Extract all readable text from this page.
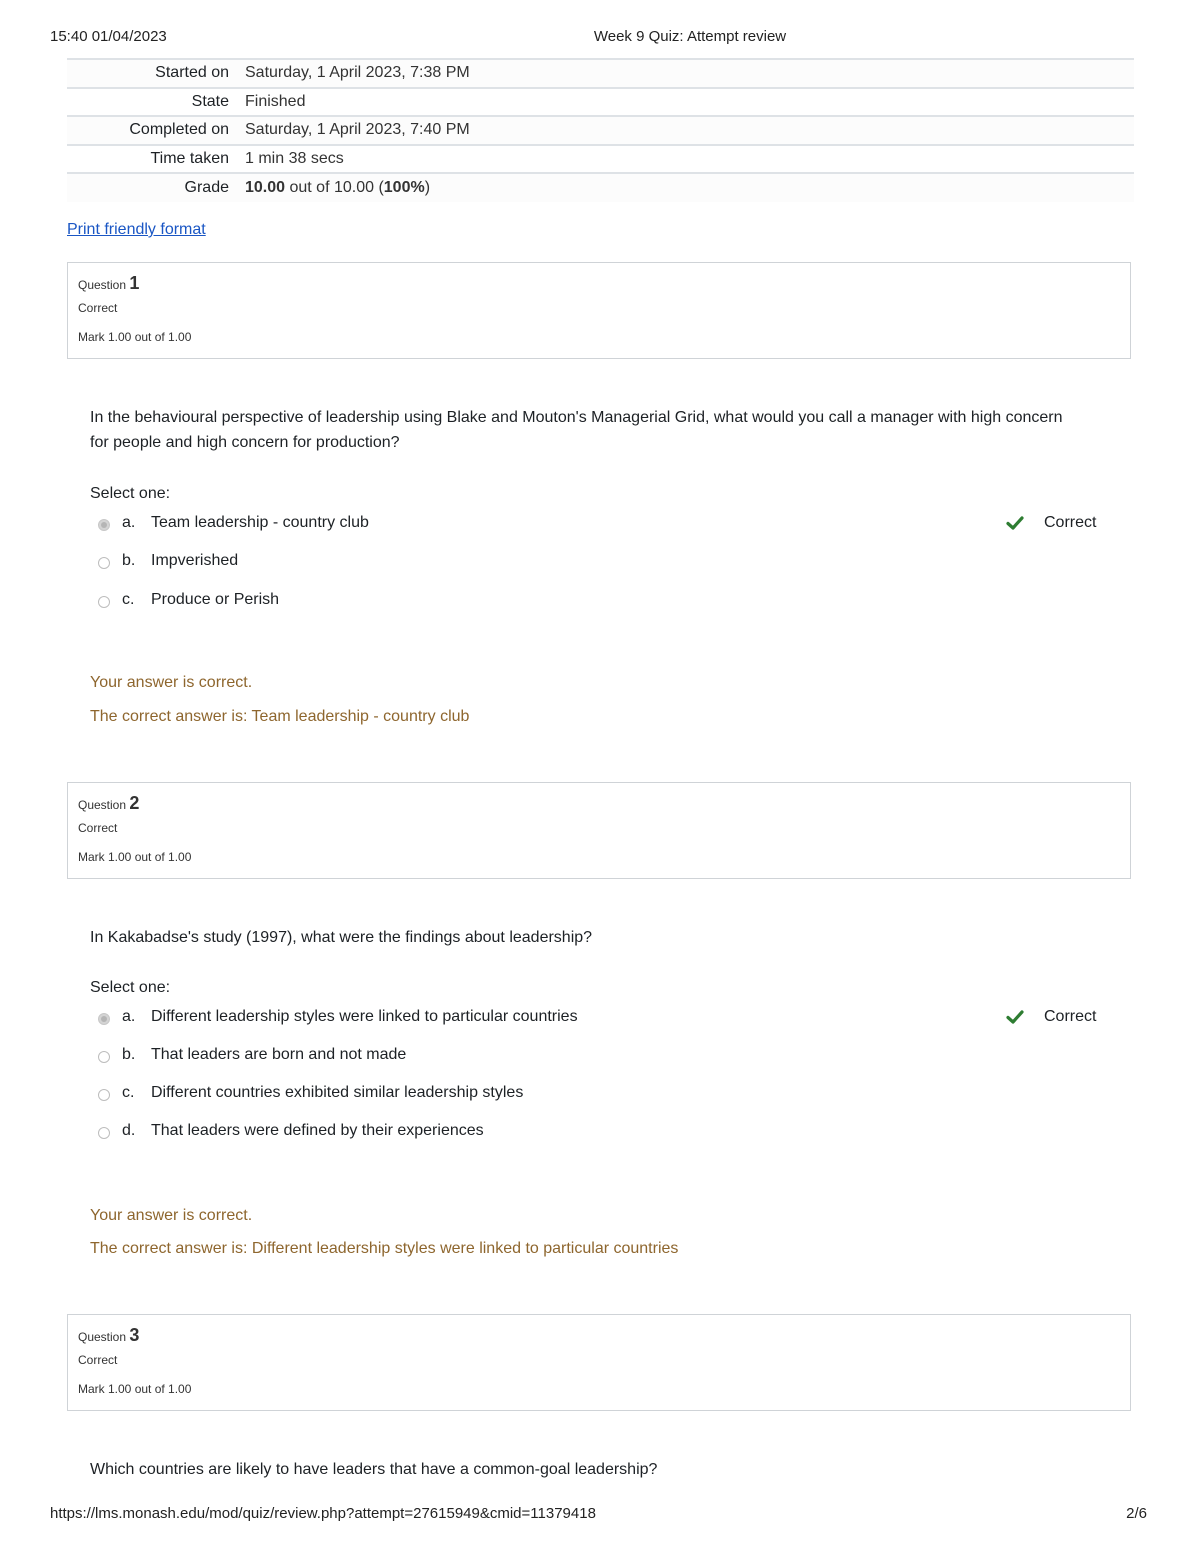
15:40 01/04/2023	Week 9 Quiz: Attempt review
Started on	Saturday, 1 April 2023, 7:38 PM
State	Finished
Completed on	Saturday, 1 April 2023, 7:40 PM
Time taken	1 min 38 secs
Grade	10.00 out of 10.00 (100%)
Print friendly format
Question 1
Correct
Mark 1.00 out of 1.00
In the behavioural perspective of leadership using Blake and Mouton's Managerial Grid, what would you call a manager with high concern for people and high concern for production?
Select one:
a. Team leadership - country club	Correct
b. Impverished
c. Produce or Perish
Your answer is correct.
The correct answer is: Team leadership - country club
Question 2
Correct
Mark 1.00 out of 1.00
In Kakabadse's study (1997), what were the findings about leadership?
Select one:
a. Different leadership styles were linked to particular countries	Correct
b. That leaders are born and not made
c. Different countries exhibited similar leadership styles
d. That leaders were defined by their experiences
Your answer is correct.
The correct answer is: Different leadership styles were linked to particular countries
Question 3
Correct
Mark 1.00 out of 1.00
Which countries are likely to have leaders that have a common-goal leadership?
https://lms.monash.edu/mod/quiz/review.php?attempt=27615949&cmid=11379418	2/6
